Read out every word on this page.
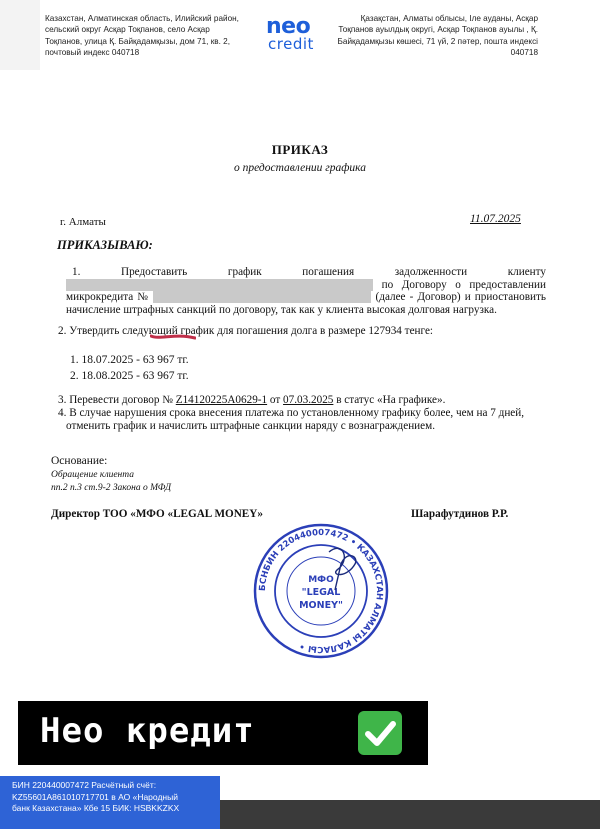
Казахстан, Алматинская область, Илийский район,
сельский округ Асқар Тоқпанов, село Асқар
Тоқпанов, улица Қ. Байқадамқызы, дом 71, кв. 2,
почтовый индекс 040718
neo
credit
Қазақстан, Алматы облысы, Іле ауданы, Асқар
Тоқпанов ауылдық округі, Асқар Тоқпанов ауылы , Қ.
Байқадамқызы көшесі, 71 үй, 2 пәтер, пошта индексі
040718
ПРИКАЗ
о предоставлении графика
г. Алматы	11.07.2025
ПРИКАЗЫВАЮ:
1. Предоставить график погашения задолженности клиенту по Договору о предоставлении микрокредита №	(далее - Договор) и приостановить начисление штрафных санкций по договору, так как у клиента высокая долговая нагрузка.
2. Утвердить следующий график для погашения долга в размере 127934 тенге:
1. 18.07.2025 - 63 967 тг.
2. 18.08.2025 - 63 967 тг.
3. Перевести договор № Z14120225A0629-1 от 07.03.2025 в статус «На графике».
4. В случае нарушения срока внесения платежа по установленному графику более, чем на 7 дней, отменить график и начислить штрафные санкции наряду с вознаграждением.
Основание:
Обращение клиента
пп.2 п.3 ст.9-2 Закона о МФД
Директор ТОО «МФО «LEGAL MONEY»	Шарафутдинов Р.Р.
БСНБИН 220440007472 • КАЗАХСТАН АЛМАТЫ КАЛАСЫ •
МФО
"LEGAL
MONEY"
Нео кредит
БИН 220440007472 Расчётный счёт:
KZ55601A861010717701 в АО «Народный
банк Казахстана» Кбе 15 БИК: HSBKKZKX
